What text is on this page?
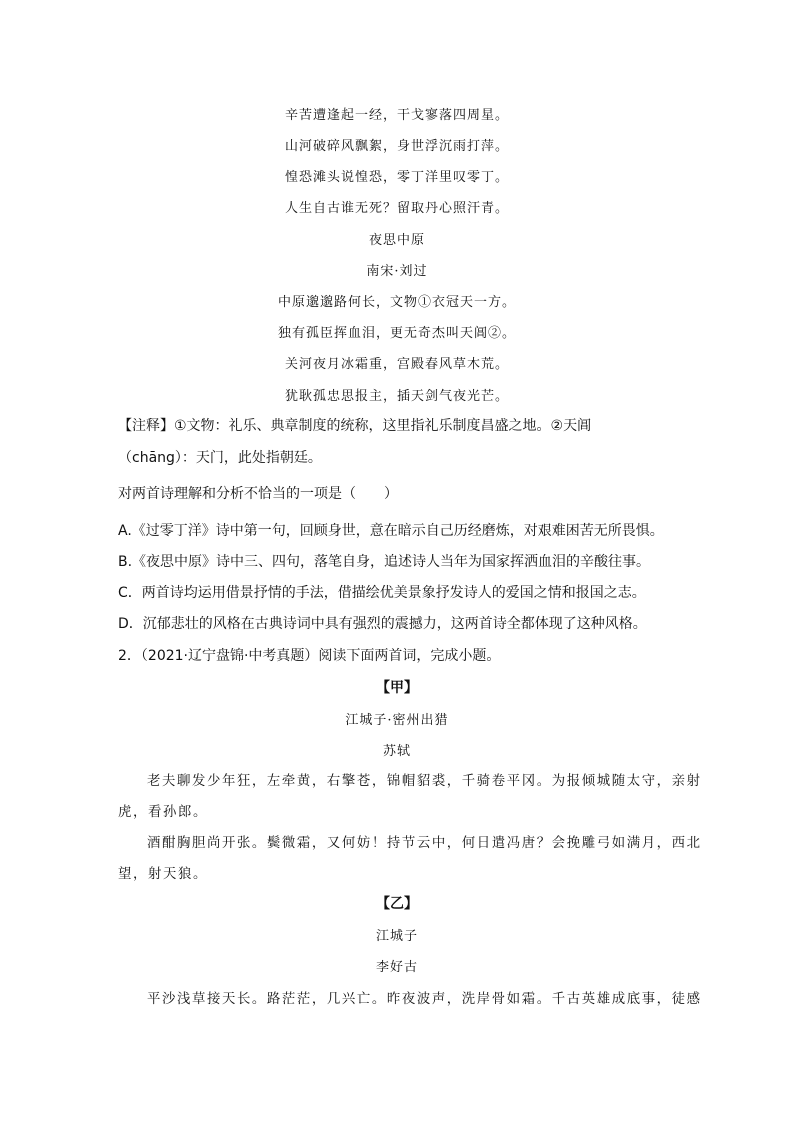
辛苦遭逢起一经，干戈寥落四周星。
山河破碎风飘絮，身世浮沉雨打萍。
惶恐滩头说惶恐，零丁洋里叹零丁。
人生自古谁无死？留取丹心照汗青。
夜思中原
南宋·刘过
中原邈邈路何长，文物①衣冠天一方。
独有孤臣挥血泪，更无奇杰叫天阊②。
关河夜月冰霜重，宫殿春风草木荒。
犹耿孤忠思报主，插天剑气夜光芒。
【注释】①文物：礼乐、典章制度的统称，这里指礼乐制度昌盛之地。②天阊
（chāng）：天门，此处指朝廷。
对两首诗理解和分析不恰当的一项是（　　）
A.《过零丁洋》诗中第一句，回顾身世，意在暗示自己历经磨炼，对艰难困苦无所畏惧。
B.《夜思中原》诗中三、四句，落笔自身，追述诗人当年为国家挥洒血泪的辛酸往事。
C．两首诗均运用借景抒情的手法，借描绘优美景象抒发诗人的爱国之情和报国之志。
D．沉郁悲壮的风格在古典诗词中具有强烈的震撼力，这两首诗全都体现了这种风格。
2．（2021·辽宁盘锦·中考真题）阅读下面两首词，完成小题。
【甲】
江城子·密州出猎
苏轼
老夫聊发少年狂，左牵黄，右擎苍，锦帽貂裘，千骑卷平冈。为报倾城随太守，亲射
虎，看孙郎。
酒酣胸胆尚开张。鬓微霜，又何妨！持节云中，何日遣冯唐？会挽雕弓如满月，西北
望，射天狼。
【乙】
江城子
李好古
平沙浅草接天长。路茫茫，几兴亡。昨夜波声，洗岸骨如霜。千古英雄成底事，徒感
